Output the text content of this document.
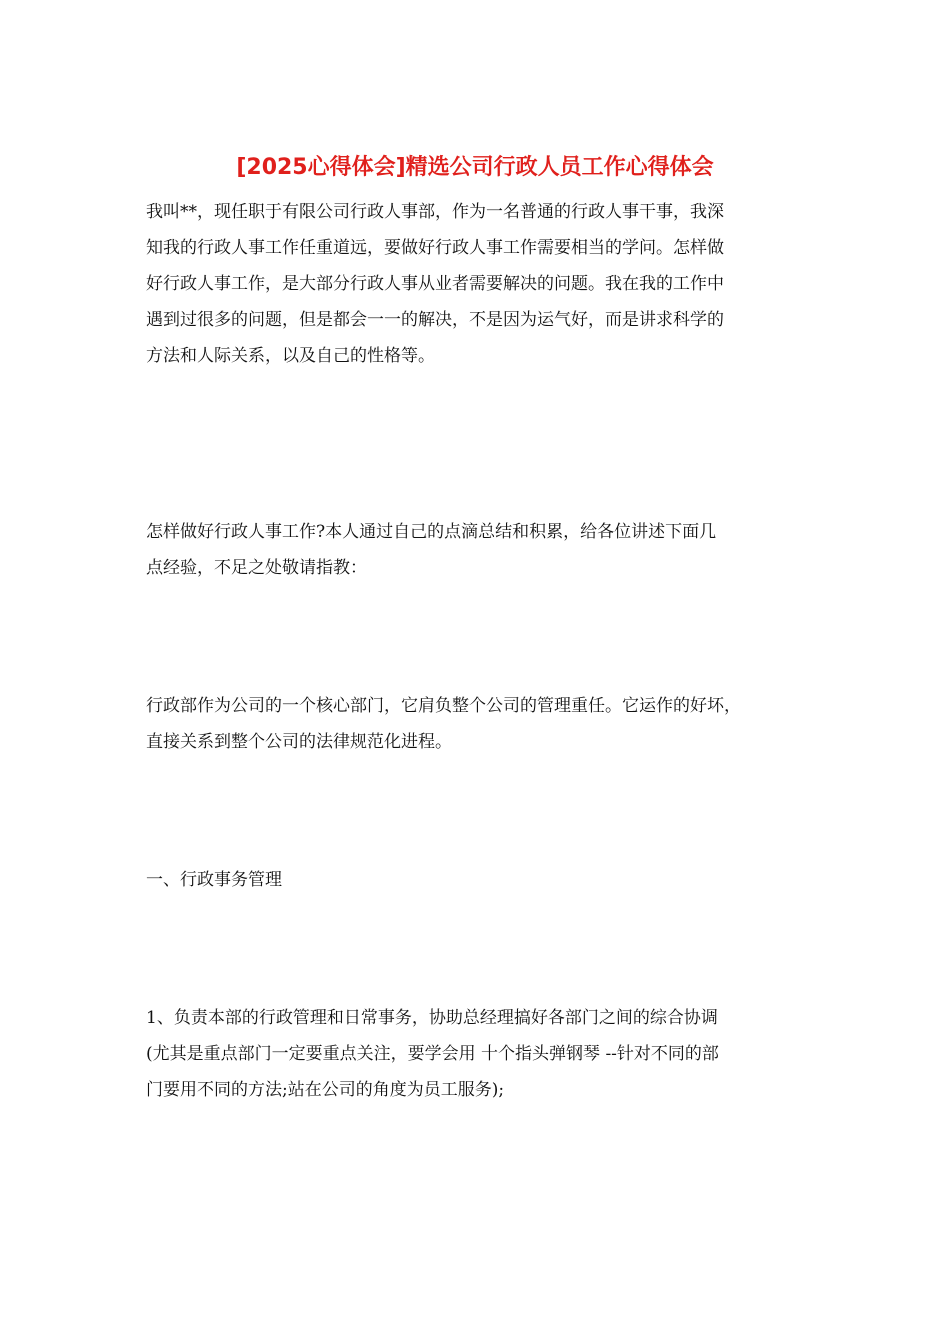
[2025心得体会]精选公司行政人员工作心得体会

我叫**，现任职于有限公司行政人事部，作为一名普通的行政人事干事，我深

知我的行政人事工作任重道远，要做好行政人事工作需要相当的学问。怎样做

好行政人事工作，是大部分行政人事从业者需要解决的问题。我在我的工作中

遇到过很多的问题，但是都会一一的解决，不是因为运气好，而是讲求科学的

方法和人际关系，以及自己的性格等。

怎样做好行政人事工作?本人通过自己的点滴总结和积累，给各位讲述下面几

点经验，不足之处敬请指教：

行政部作为公司的一个核心部门，它肩负整个公司的管理重任。它运作的好坏，

直接关系到整个公司的法律规范化进程。

一、行政事务管理

1、负责本部的行政管理和日常事务，协助总经理搞好各部门之间的综合协调

(尤其是重点部门一定要重点关注，要学会用 十个指头弹钢琴 --针对不同的部

门要用不同的方法;站在公司的角度为员工服务);
